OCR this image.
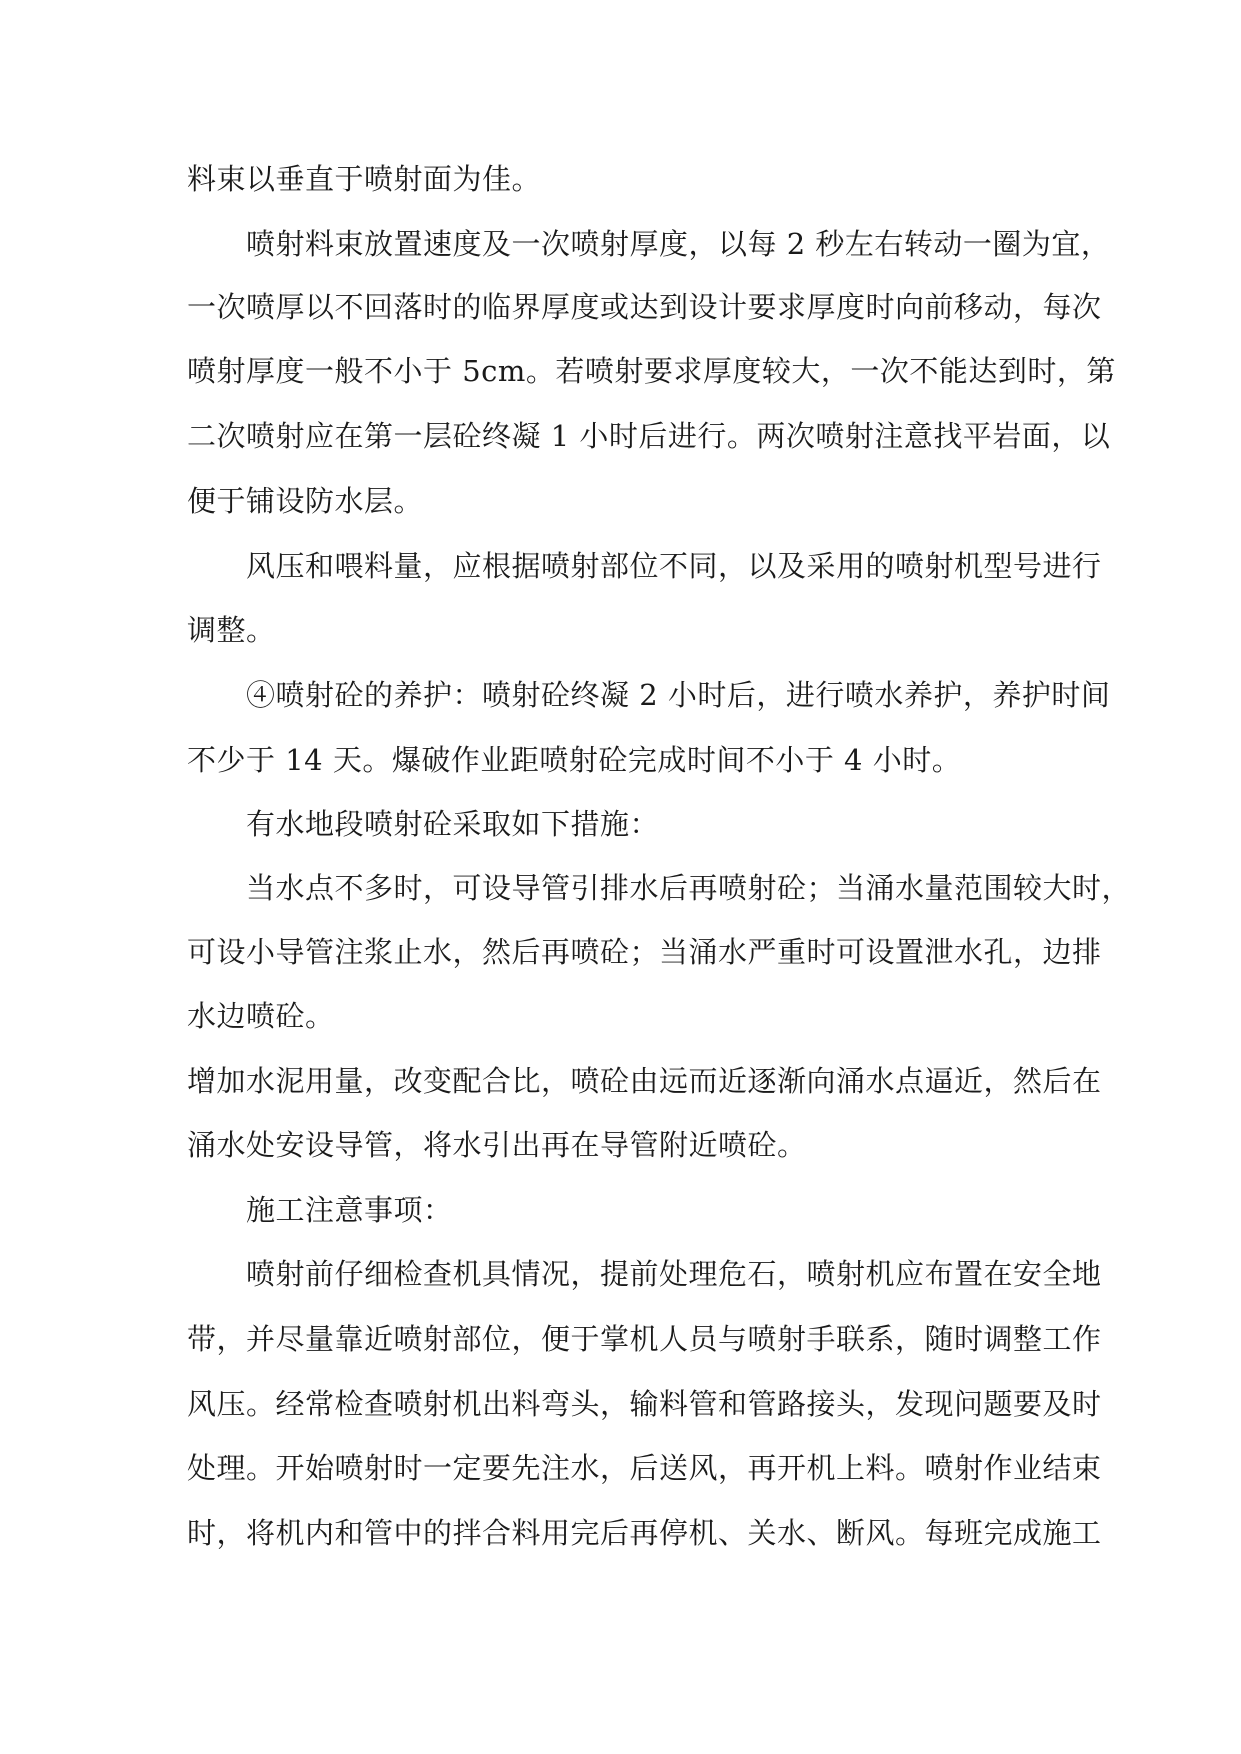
料束以垂直于喷射面为佳。
喷射料束放置速度及一次喷射厚度，以每 2 秒左右转动一圈为宜，
一次喷厚以不回落时的临界厚度或达到设计要求厚度时向前移动，每次
喷射厚度一般不小于 5cm。若喷射要求厚度较大，一次不能达到时，第
二次喷射应在第一层砼终凝 1 小时后进行。两次喷射注意找平岩面，以
便于铺设防水层。
风压和喂料量，应根据喷射部位不同，以及采用的喷射机型号进行
调整。
④喷射砼的养护：喷射砼终凝 2 小时后，进行喷水养护，养护时间
不少于 14 天。爆破作业距喷射砼完成时间不小于 4 小时。
有水地段喷射砼采取如下措施：
当水点不多时，可设导管引排水后再喷射砼；当涌水量范围较大时，
可设小导管注浆止水，然后再喷砼；当涌水严重时可设置泄水孔，边排
水边喷砼。
增加水泥用量，改变配合比，喷砼由远而近逐渐向涌水点逼近，然后在
涌水处安设导管，将水引出再在导管附近喷砼。
施工注意事项：
喷射前仔细检查机具情况，提前处理危石，喷射机应布置在安全地
带，并尽量靠近喷射部位，便于掌机人员与喷射手联系，随时调整工作
风压。经常检查喷射机出料弯头，输料管和管路接头，发现问题要及时
处理。开始喷射时一定要先注水，后送风，再开机上料。喷射作业结束
时，将机内和管中的拌合料用完后再停机、关水、断风。每班完成施工
